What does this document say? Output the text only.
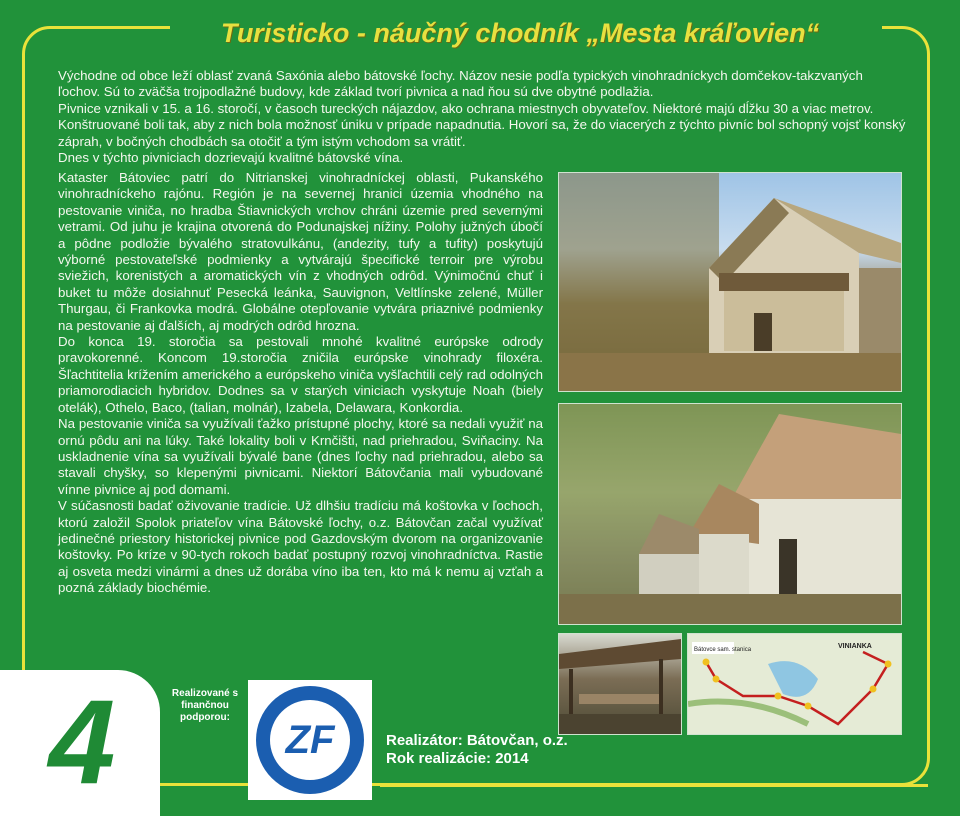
Turisticko - náučný chodník „Mesta kráľovien“

Východne od obce leží oblasť zvaná Saxónia alebo bátovské ľochy. Názov nesie podľa typických vinohradníckych domčekov-takzvaných ľochov. Sú to zväčša trojpodlažné budovy, kde základ tvorí pivnica a nad ňou sú dve obytné podlažia.

Pivnice vznikali v 15. a 16. storočí, v časoch tureckých nájazdov, ako ochrana miestnych obyvateľov. Niektoré majú dĺžku 30 a viac metrov. Konštruované boli tak, aby z nich bola možnosť úniku v prípade napadnutia. Hovorí sa, že do viacerých z týchto pivníc bol schopný vojsť konský záprah, v bočných chodbách sa otočiť a tým istým vchodom sa vrátiť.

Dnes v týchto pivniciach dozrievajú kvalitné bátovské vína.

Kataster Bátoviec patrí do Nitrianskej vinohradníckej oblasti, Pukanského vinohradníckeho rajónu. Región je na severnej hranici územia vhodného na pestovanie viniča, no hradba Štiavnických vrchov chráni územie pred severnými vetrami. Od juhu je krajina otvorená do Podunajskej nížiny. Polohy južných úbočí a pôdne podložie bývalého stratovulkánu, (andezity, tufy a tufity) poskytujú výborné pestovateľské podmienky a vytvárajú špecifické terroir pre výrobu sviežich, korenistých a aromatických vín z vhodných odrôd. Výnimočnú chuť i buket tu môže dosiahnuť Pesecká leánka, Sauvignon, Veltlínske zelené, Müller Thurgau, či Frankovka modrá. Globálne otepľovanie vytvára priaznivé podmienky na pestovanie aj ďalších, aj modrých odrôd hrozna.

Do konca 19. storočia sa pestovali mnohé kvalitné európske odrody pravokorenné. Koncom 19.storočia zničila európske vinohrady filoxéra. Šľachtitelia krížením amerického a európskeho viniča vyšľachtili celý rad odolných priamorodiacich hybridov. Dodnes sa v starých viniciach vyskytuje Noah (biely otelák), Othelo, Baco, (talian, molnár), Izabela, Delawara, Konkordia.

Na pestovanie viniča sa využívali ťažko prístupné plochy, ktoré sa nedali využiť na ornú pôdu ani na lúky. Také lokality boli v Krnčišti, nad priehradou, Sviňaciny. Na uskladnenie vína sa využívali bývalé bane (dnes ľochy nad priehradou, alebo sa stavali chyšky, so klepenými pivnicami. Niektorí Bátovčania mali vybudované vínne pivnice aj pod domami.

V súčasnosti badať oživovanie tradície. Už dlhšiu tradíciu má koštovka v ľochoch, ktorú založil Spolok priateľov vína Bátovské ľochy, o.z. Bátovčan začal využívať jedinečné priestory historickej pivnice pod Gazdovským dvorom na organizovanie koštovky. Po kríze v 90-tych rokoch badať postupný rozvoj vinohradníctva. Rastie aj osveta medzi vinármi a dnes už dorába víno iba ten, kto má k nemu aj vzťah a pozná základy biochémie.

Bátovce sam. stanica	VINIANKA
4	Realizované s finančnou podporou:	ZF	Realizátor: Bátovčan, o.z.
Rok realizácie: 2014
